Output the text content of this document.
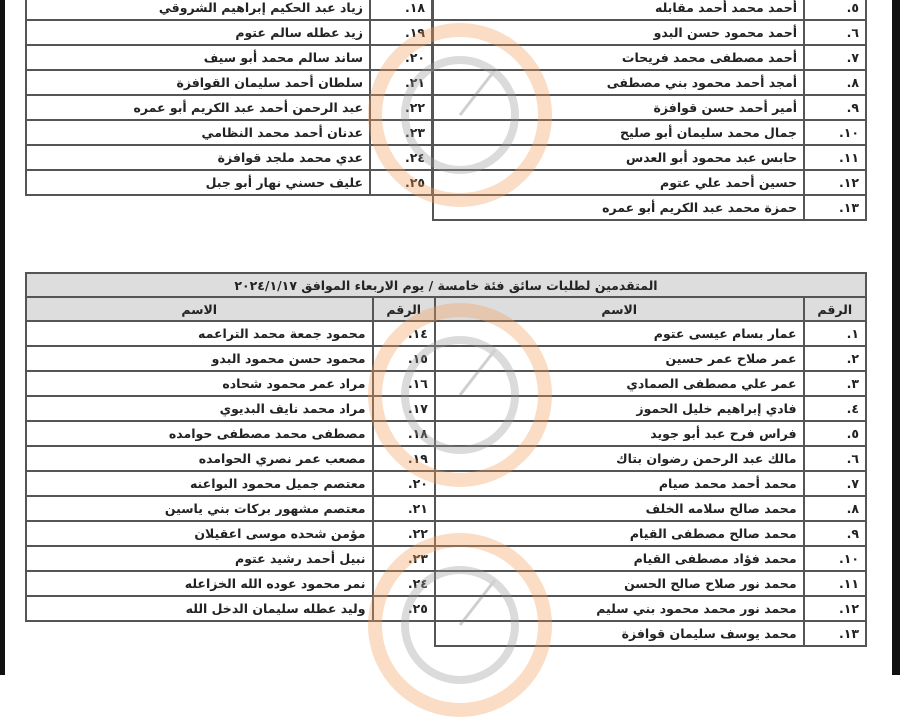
١٨.	زياد عبد الحكيم إبراهيم الشروقي
١٩.	زيد عطله سالم عتوم
٢٠.	ساند سالم محمد أبو سيف
٢١.	سلطان أحمد سليمان القوافزة
٢٢.	عبد الرحمن أحمد عبد الكريم أبو عمره
٢٣.	عدنان أحمد محمد النظامي
٢٤.	عدي محمد ملجد قوافزة
٢٥.	عليف حسني نهار أبو جبل
٥.	أحمد محمد أحمد مقابله
٦.	أحمد محمود حسن البدو
٧.	أحمد مصطفى محمد فريحات
٨.	أمجد أحمد محمود بني مصطفى
٩.	أمير أحمد حسن قوافزة
١٠.	جمال محمد سليمان أبو صليح
١١.	حابس عبد محمود أبو العدس
١٢.	حسين أحمد علي عتوم
١٣.	حمزة محمد عبد الكريم أبو عمره
المتقدمين لطلبات سائق فئة خامسة / يوم الاربعاء الموافق ٢٠٢٤/١/١٧			
الرقم	الاسم	الرقم	الاسم
١.	عمار بسام عيسى عتوم	١٤.	محمود جمعة محمد التراعمه
٢.	عمر صلاح عمر حسين	١٥.	محمود حسن محمود البدو
٣.	عمر علي مصطفى الصمادي	١٦.	مراد عمر محمود شحاده
٤.	فادي إبراهيم خليل الحموز	١٧.	مراد محمد نايف البديوي
٥.	فراس فرح عبد أبو جويد	١٨.	مصطفى محمد مصطفى حوامده
٦.	مالك عبد الرحمن رضوان بتاك	١٩.	مصعب عمر نصري الحوامده
٧.	محمد أحمد محمد صيام	٢٠.	معتصم جميل محمود البواعنه
٨.	محمد صالح سلامه الخلف	٢١.	معتصم مشهور بركات بني ياسين
٩.	محمد صالح مصطفى القيام	٢٢.	مؤمن شحده موسى اعقيلان
١٠.	محمد فؤاد مصطفى القيام	٢٣.	نبيل أحمد رشيد عتوم
١١.	محمد نور صلاح صالح الحسن	٢٤.	نمر محمود عوده الله الخزاعله
١٢.	محمد نور محمد محمود بني سليم	٢٥.	وليد عطله سليمان الدخل الله
١٣.	محمد يوسف سليمان قوافزة		
